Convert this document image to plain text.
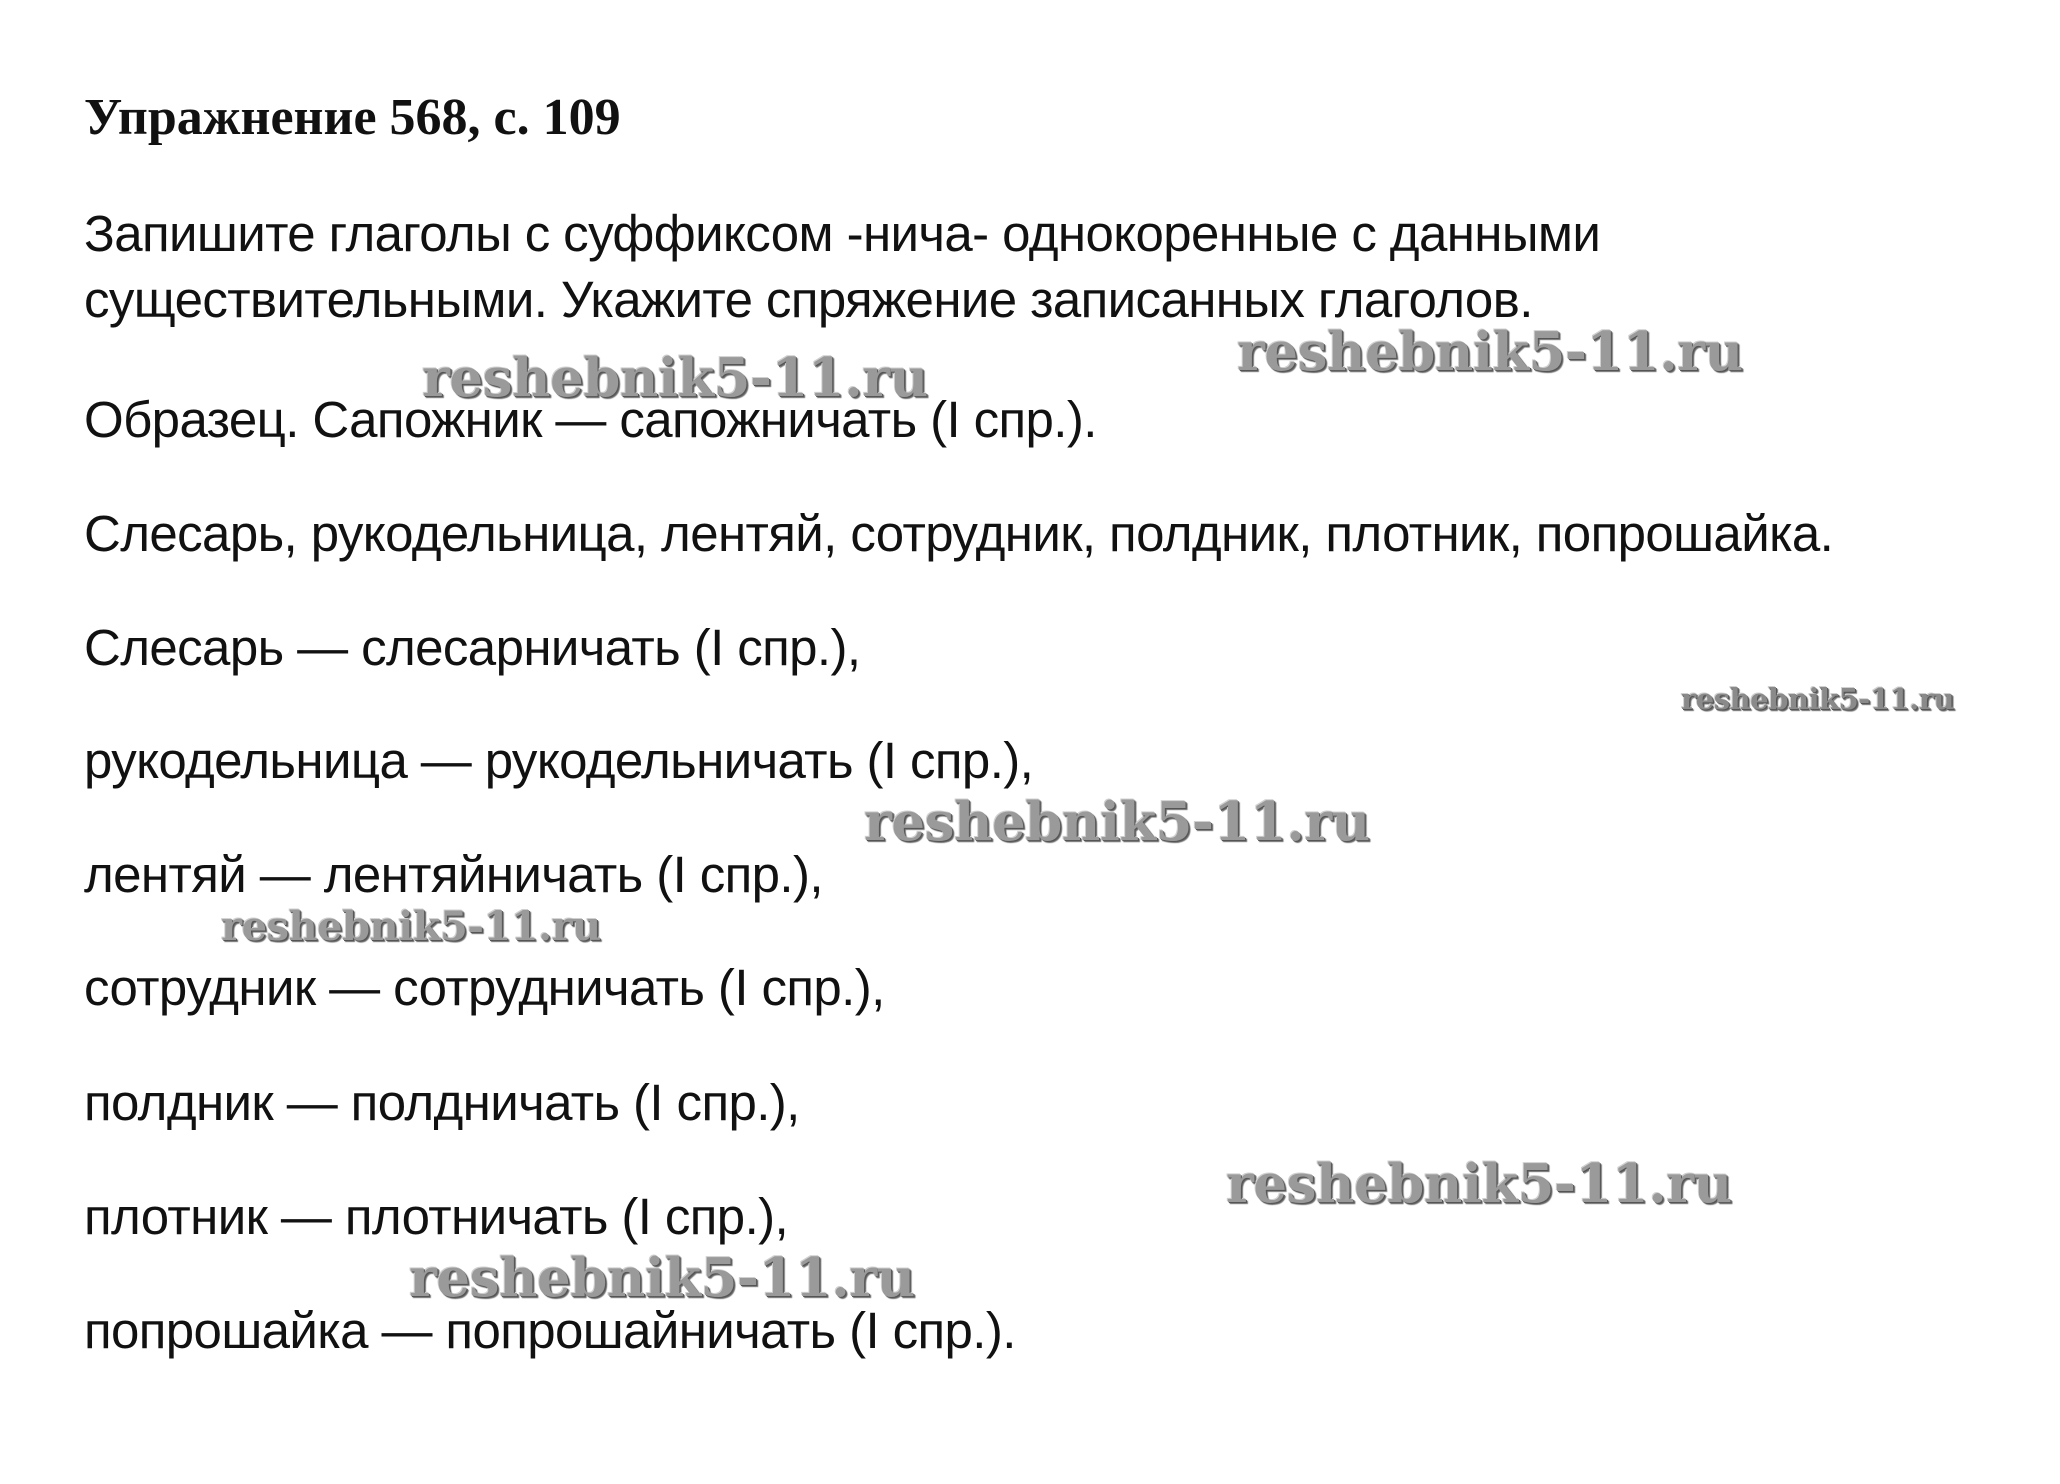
Упражнение 568, с. 109
Запишите глаголы с суффиксом -нича- однокоренные с данными
существительными. Укажите спряжение записанных глаголов.
Образец. Сапожник — сапожничать (I спр.).
Слесарь, рукодельница, лентяй, сотрудник, полдник, плотник, попрошайка.
Слесарь — слесарничать (I спр.),
рукодельница — рукодельничать (I спр.),
лентяй — лентяйничать (I спр.),
сотрудник — сотрудничать (I спр.),
полдник — полдничать (I спр.),
плотник — плотничать (I спр.),
попрошайка — попрошайничать (I спр.).
reshebnik5-11.ru	reshebnik5-11.ru
reshebnik5-11.ru
reshebnik5-11.ru
reshebnik5-11.ru
reshebnik5-11.ru
reshebnik5-11.ru
